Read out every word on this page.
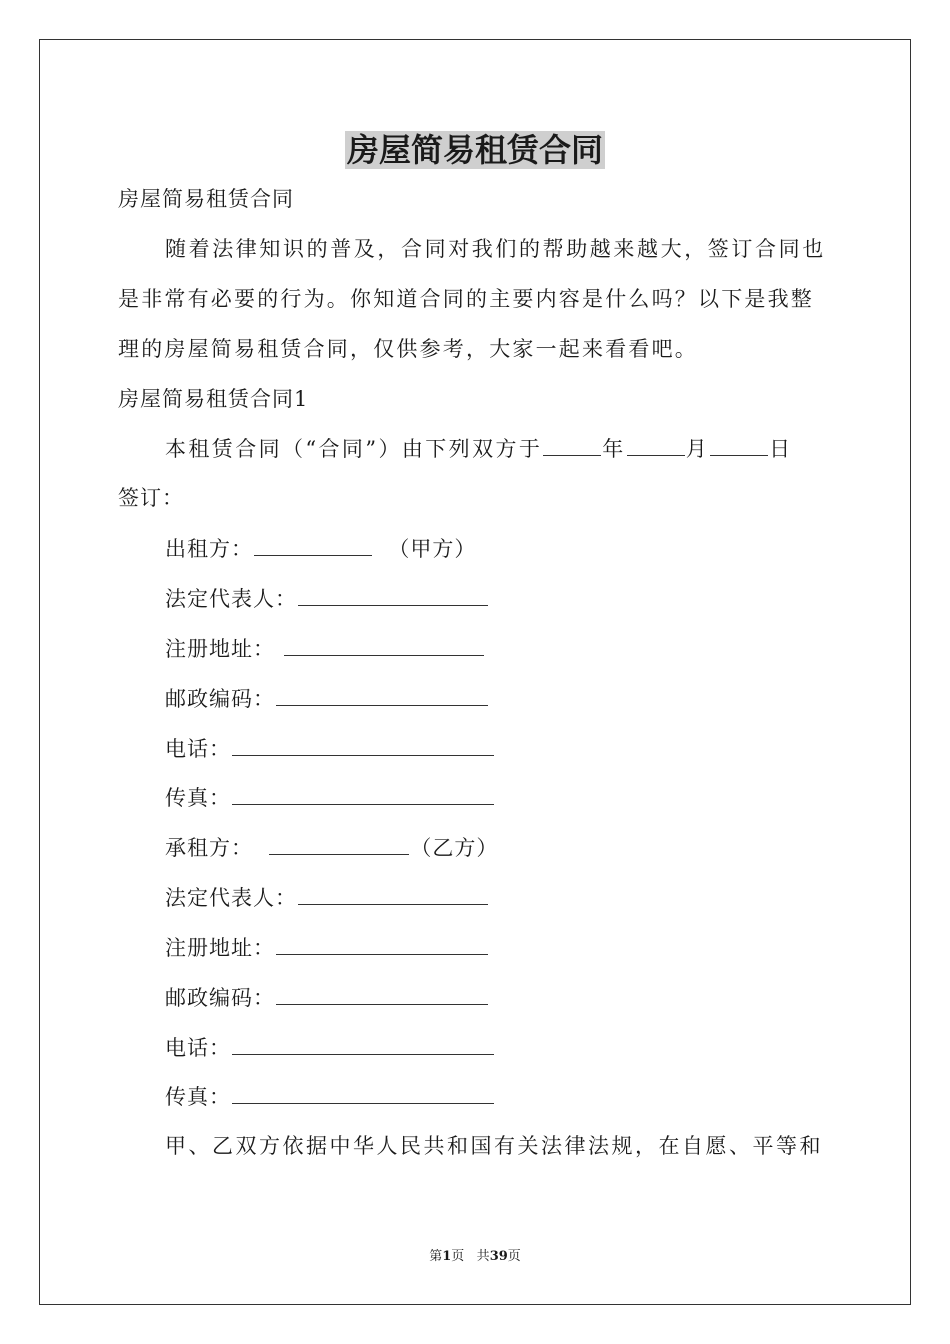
房屋简易租赁合同
房屋简易租赁合同
随着法律知识的普及，合同对我们的帮助越来越大，签订合同也
是非常有必要的行为。你知道合同的主要内容是什么吗？以下是我整
理的房屋简易租赁合同，仅供参考，大家一起来看看吧。
房屋简易租赁合同1
本租赁合同（“合同”）由下列双方于	年	月	日
签订：
出租方：	（甲方）
法定代表人：
注册地址：
邮政编码：
电话：
传真：
承租方：	（乙方）
法定代表人：
注册地址：
邮政编码：
电话：
传真：
甲、乙双方依据中华人民共和国有关法律法规，在自愿、平等和
第1页 共39页
